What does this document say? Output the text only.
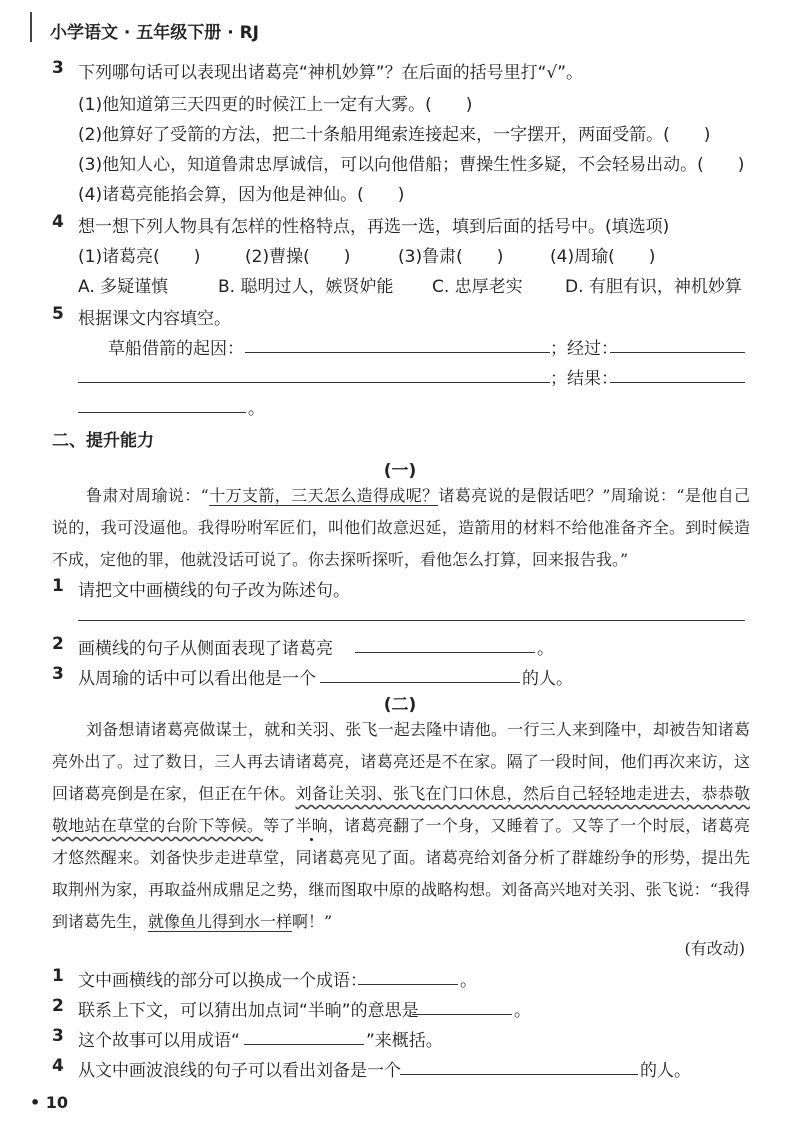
小学语文 · 五年级下册 · RJ
3 下列哪句话可以表现出诸葛亮“神机妙算”？在后面的括号里打“√”。
(1)他知道第三天四更的时候江上一定有大雾。(　　)
(2)他算好了受箭的方法，把二十条船用绳索连接起来，一字摆开，两面受箭。(　　)
(3)他知人心，知道鲁肃忠厚诚信，可以向他借船；曹操生性多疑，不会轻易出动。(　　)
(4)诸葛亮能掐会算，因为他是神仙。(　　)
4 想一想下列人物具有怎样的性格特点，再选一选，填到后面的括号中。(填选项)
(1)诸葛亮(　　)	(2)曹操(　　)	(3)鲁肃(　　)	(4)周瑜(　　)
A. 多疑谨慎	B. 聪明过人，嫉贤妒能 C. 忠厚老实 D. 有胆有识，神机妙算
5 根据课文内容填空。
草船借箭的起因：	；经过：
；结果：
。
二、提升能力
(一)
鲁肃对周瑜说：“十万支箭，三天怎么造得成呢？诸葛亮说的是假话吧？”周瑜说：“是他自己说的，我可没逼他。我得吩咐军匠们，叫他们故意迟延，造箭用的材料不给他准备齐全。到时候造不成，定他的罪，他就没话可说了。你去探听探听，看他怎么打算，回来报告我。”
1 请把文中画横线的句子改为陈述句。
2 画横线的句子从侧面表现了诸葛亮	。
3 从周瑜的话中可以看出他是一个	的人。
(二)
刘备想请诸葛亮做谋士，就和关羽、张飞一起去隆中请他。一行三人来到隆中，却被告知诸葛亮外出了。过了数日，三人再去请诸葛亮，诸葛亮还是不在家。隔了一段时间，他们再次来访，这回诸葛亮倒是在家，但正在午休。刘备让关羽、张飞在门口休息，然后自己轻轻地走进去，恭恭敬敬地站在草堂的台阶下等候。等了半晌，诸葛亮翻了一个身，又睡着了。又等了一个时辰，诸葛亮才悠然醒来。刘备快步走进草堂，同诸葛亮见了面。诸葛亮给刘备分析了群雄纷争的形势，提出先取荆州为家，再取益州成鼎足之势，继而图取中原的战略构想。刘备高兴地对关羽、张飞说：“我得到诸葛先生，就像鱼儿得到水一样啊！”
(有改动)
1 文中画横线的部分可以换成一个成语：	。
2 联系上下文，可以猜出加点词“半晌”的意思是	。
3 这个故事可以用成语“	”来概括。
4 从文中画波浪线的句子可以看出刘备是一个	的人。
• 10
